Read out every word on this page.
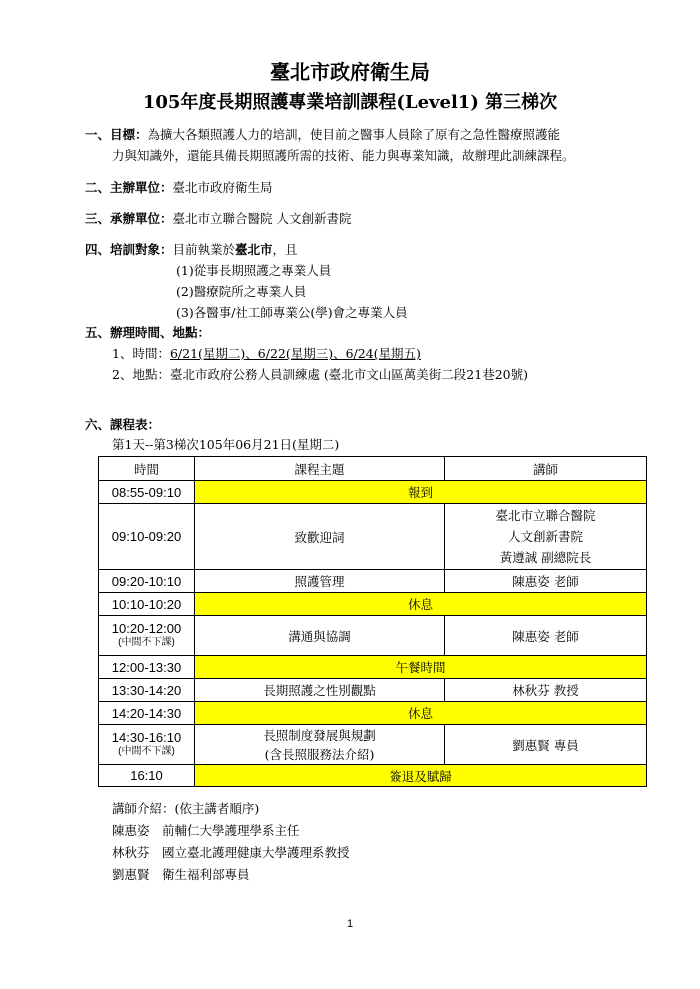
臺北市政府衛生局
105年度長期照護專業培訓課程(Level1) 第三梯次
一、目標：為擴大各類照護人力的培訓，使目前之醫事人員除了原有之急性醫療照護能
力與知識外，還能具備長期照護所需的技術、能力與專業知識，故辦理此訓練課程。
二、主辦單位：臺北市政府衛生局
三、承辦單位：臺北市立聯合醫院 人文創新書院
四、培訓對象：目前執業於臺北市，且
(1)從事長期照護之專業人員
(2)醫療院所之專業人員
(3)各醫事/社工師專業公(學)會之專業人員
五、辦理時間、地點：
1、時間：6/21(星期二)、6/22(星期三)、6/24(星期五)
2、地點：臺北市政府公務人員訓練處 (臺北市文山區萬美街二段21巷20號)
六、課程表：
第1天--第3梯次105年06月21日(星期二)
時間	課程主題	講師
08:55-09:10	報到	
09:10-09:20	致歡迎詞	臺北市立聯合醫院
人文創新書院
黃遵誠 副總院長

09:20-10:10	照護管理	陳惠姿 老師
10:10-10:20	休息	

10:20-12:00
(中間不下課)	溝通與協調	陳惠姿 老師
12:00-13:30	午餐時間	
13:30-14:20	長期照護之性別觀點	林秋芬 教授
14:20-14:30	休息	

14:30-16:10
(中間不下課)	長照制度發展與規劃
(含長照服務法介紹)	劉惠賢 專員
16:10	簽退及賦歸	
講師介紹：(依主講者順序)
陳惠姿　前輔仁大學護理學系主任
林秋芬　國立臺北護理健康大學護理系教授
劉惠賢　衛生福利部專員
1
